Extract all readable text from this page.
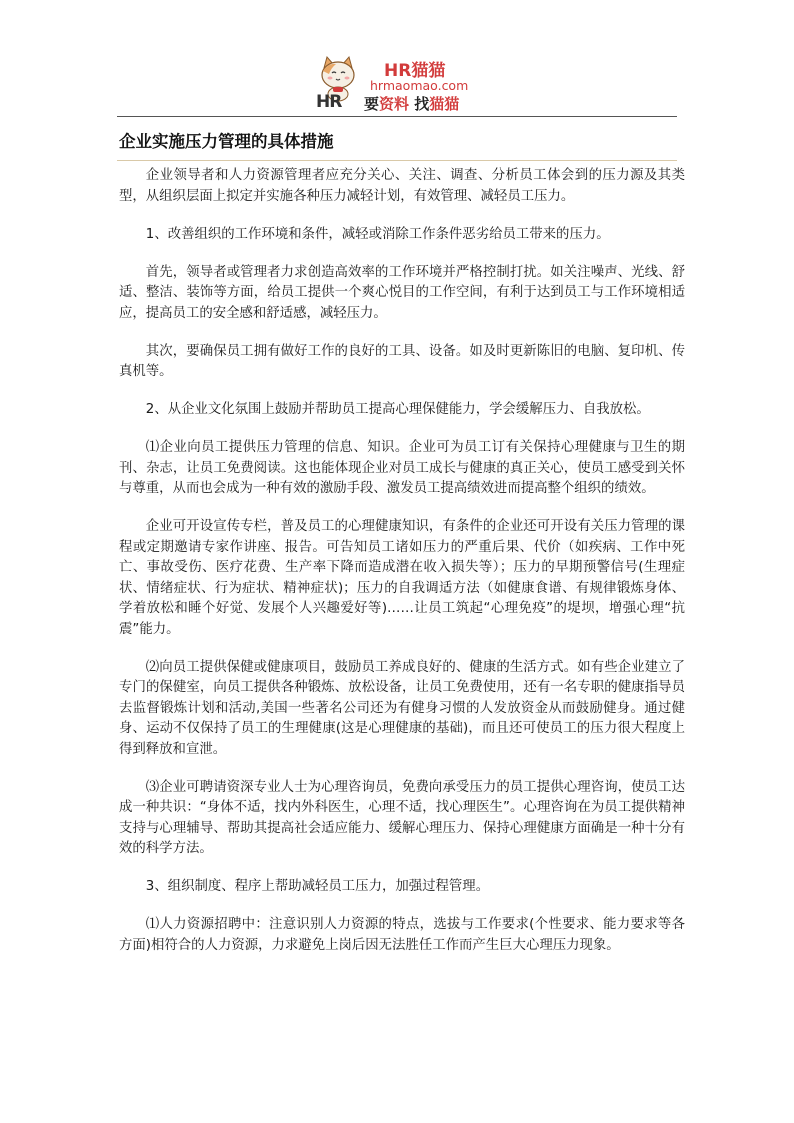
HR
HR猫猫
hrmaomao.com
要资料 找猫猫
企业实施压力管理的具体措施

企业领导者和人力资源管理者应充分关心、关注、调查、分析员工体会到的压力源及其类型，从组织层面上拟定并实施各种压力减轻计划，有效管理、减轻员工压力。

1、改善组织的工作环境和条件，减轻或消除工作条件恶劣给员工带来的压力。

首先，领导者或管理者力求创造高效率的工作环境并严格控制打扰。如关注噪声、光线、舒适、整洁、装饰等方面，给员工提供一个爽心悦目的工作空间，有利于达到员工与工作环境相适应，提高员工的安全感和舒适感，减轻压力。

其次，要确保员工拥有做好工作的良好的工具、设备。如及时更新陈旧的电脑、复印机、传真机等。

2、从企业文化氛围上鼓励并帮助员工提高心理保健能力，学会缓解压力、自我放松。

⑴企业向员工提供压力管理的信息、知识。企业可为员工订有关保持心理健康与卫生的期刊、杂志，让员工免费阅读。这也能体现企业对员工成长与健康的真正关心，使员工感受到关怀与尊重，从而也会成为一种有效的激励手段、激发员工提高绩效进而提高整个组织的绩效。

企业可开设宣传专栏，普及员工的心理健康知识，有条件的企业还可开设有关压力管理的课程或定期邀请专家作讲座、报告。可告知员工诸如压力的严重后果、代价（如疾病、工作中死亡、事故受伤、医疗花费、生产率下降而造成潜在收入损失等）；压力的早期预警信号(生理症状、情绪症状、行为症状、精神症状)；压力的自我调适方法（如健康食谱、有规律锻炼身体、学着放松和睡个好觉、发展个人兴趣爱好等)……让员工筑起“心理免疫”的堤坝，增强心理“抗震”能力。

⑵向员工提供保健或健康项目，鼓励员工养成良好的、健康的生活方式。如有些企业建立了专门的保健室，向员工提供各种锻炼、放松设备，让员工免费使用，还有一名专职的健康指导员去监督锻炼计划和活动,美国一些著名公司还为有健身习惯的人发放资金从而鼓励健身。通过健身、运动不仅保持了员工的生理健康(这是心理健康的基础)，而且还可使员工的压力很大程度上得到释放和宣泄。

⑶企业可聘请资深专业人士为心理咨询员，免费向承受压力的员工提供心理咨询，使员工达成一种共识：“身体不适，找内外科医生，心理不适，找心理医生”。心理咨询在为员工提供精神支持与心理辅导、帮助其提高社会适应能力、缓解心理压力、保持心理健康方面确是一种十分有效的科学方法。

3、组织制度、程序上帮助减轻员工压力，加强过程管理。

⑴人力资源招聘中：注意识别人力资源的特点，选拔与工作要求(个性要求、能力要求等各方面)相符合的人力资源，力求避免上岗后因无法胜任工作而产生巨大心理压力现象。
